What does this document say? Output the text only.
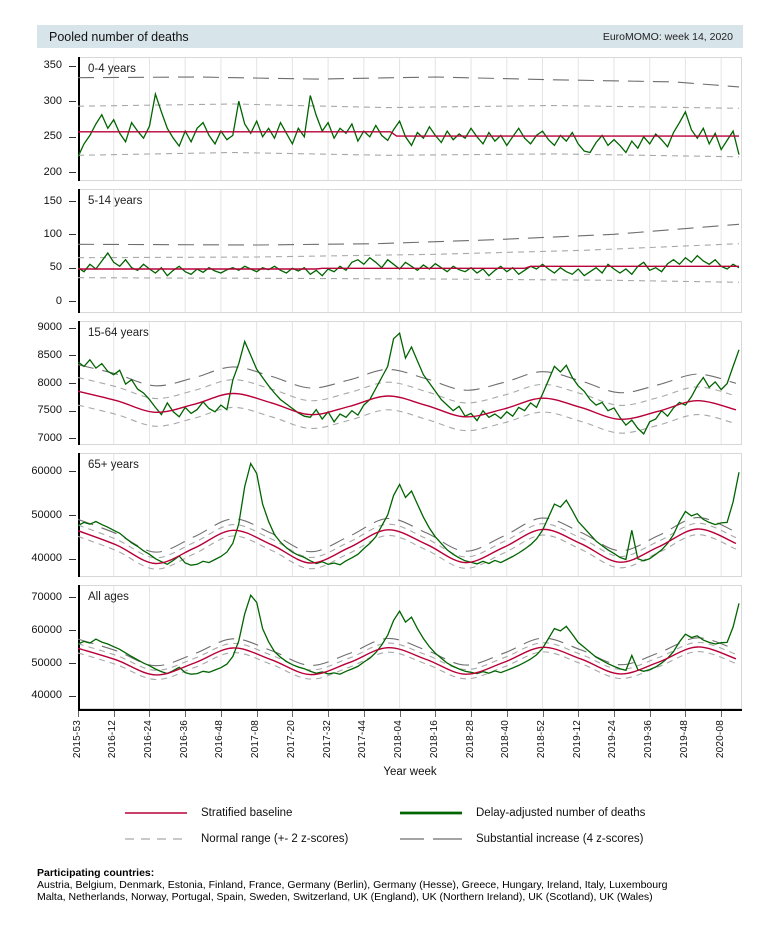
Pooled number of deaths	EuroMOMO: week 14, 2020
200
250
300
350 0-4 years
0
50
100
150 5-14 years
7000
7500
8000
8500
9000 15-64 years
40000
50000
60000 65+ years
40000
50000
60000
70000 All ages
2015-53 2016-12 2016-24 2016-36 2016-48 2017-08 2017-20 2017-32 2017-44 2018-04 2018-16 2018-28 2018-40 2018-52 2019-12 2019-24 2019-36 2019-48 2020-08
Year week
Stratified baseline	Delay-adjusted number of deaths
Normal range (+- 2 z-scores)	Substantial increase (4 z-scores)
Participating countries:
Austria, Belgium, Denmark, Estonia, Finland, France, Germany (Berlin), Germany (Hesse), Greece, Hungary, Ireland, Italy, Luxembourg
Malta, Netherlands, Norway, Portugal, Spain, Sweden, Switzerland, UK (England), UK (Northern Ireland), UK (Scotland), UK (Wales)
